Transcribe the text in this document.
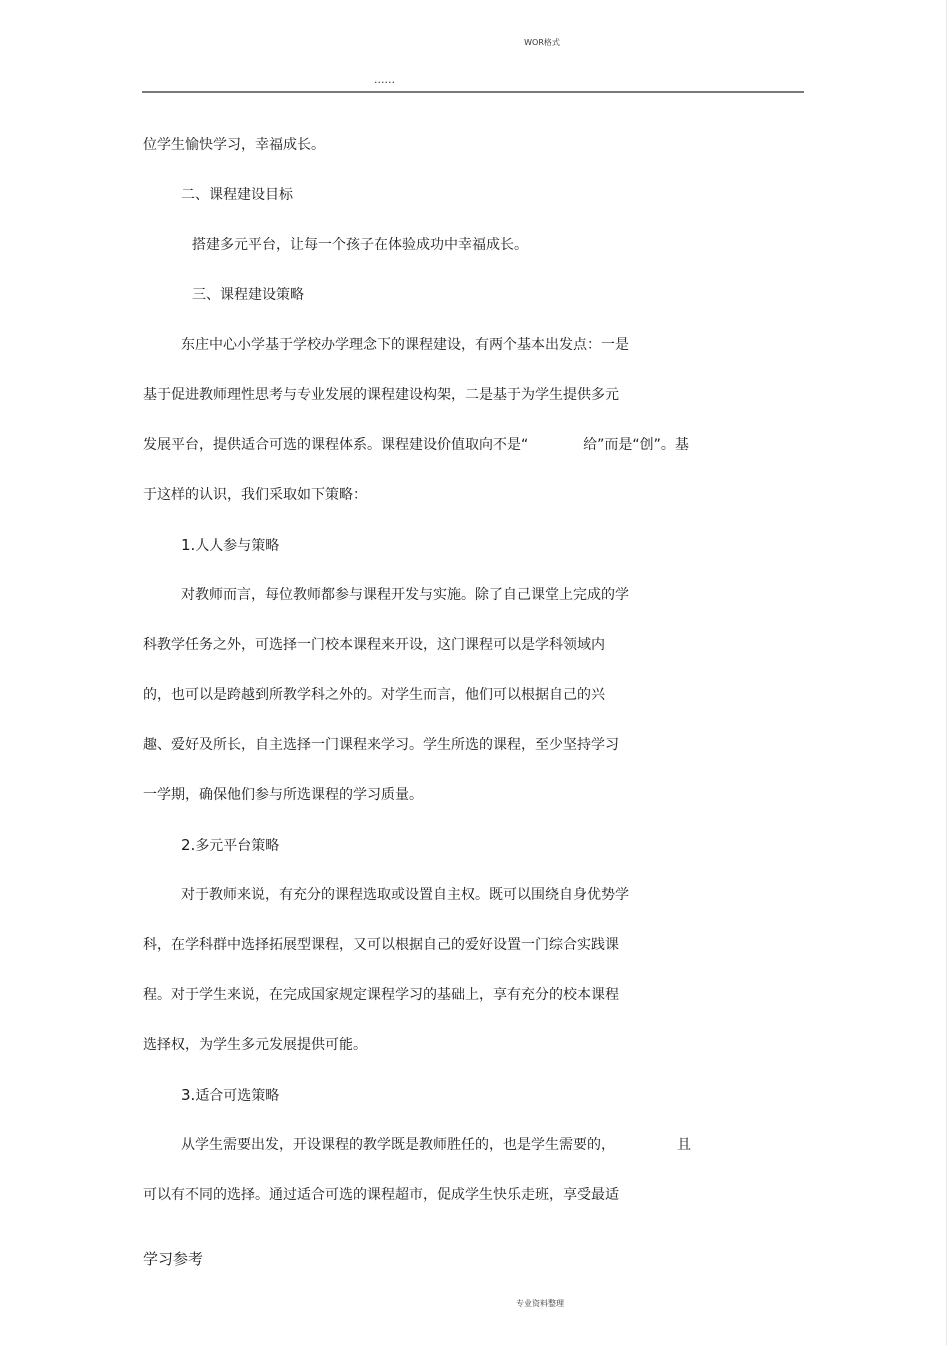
WOR格式
......
位学生愉快学习，幸福成长。
二、课程建设目标
搭建多元平台，让每一个孩子在体验成功中幸福成长。
三、课程建设策略
东庄中心小学基于学校办学理念下的课程建设，有两个基本出发点：一是
基于促进教师理性思考与专业发展的课程建设构架，二是基于为学生提供多元
发展平台，提供适合可选的课程体系。课程建设价值取向不是“	给”而是“创”。基
于这样的认识，我们采取如下策略：
1.人人参与策略
对教师而言，每位教师都参与课程开发与实施。除了自己课堂上完成的学
科教学任务之外，可选择一门校本课程来开设，这门课程可以是学科领域内
的，也可以是跨越到所教学科之外的。对学生而言，他们可以根据自己的兴
趣、爱好及所长，自主选择一门课程来学习。学生所选的课程，至少坚持学习
一学期，确保他们参与所选课程的学习质量。
2.多元平台策略
对于教师来说，有充分的课程选取或设置自主权。既可以围绕自身优势学
科，在学科群中选择拓展型课程，又可以根据自己的爱好设置一门综合实践课
程。对于学生来说，在完成国家规定课程学习的基础上，享有充分的校本课程
选择权，为学生多元发展提供可能。
3.适合可选策略
从学生需要出发，开设课程的教学既是教师胜任的，也是学生需要的，	且
可以有不同的选择。通过适合可选的课程超市，促成学生快乐走班，享受最适
学习参考
专业资料整理
